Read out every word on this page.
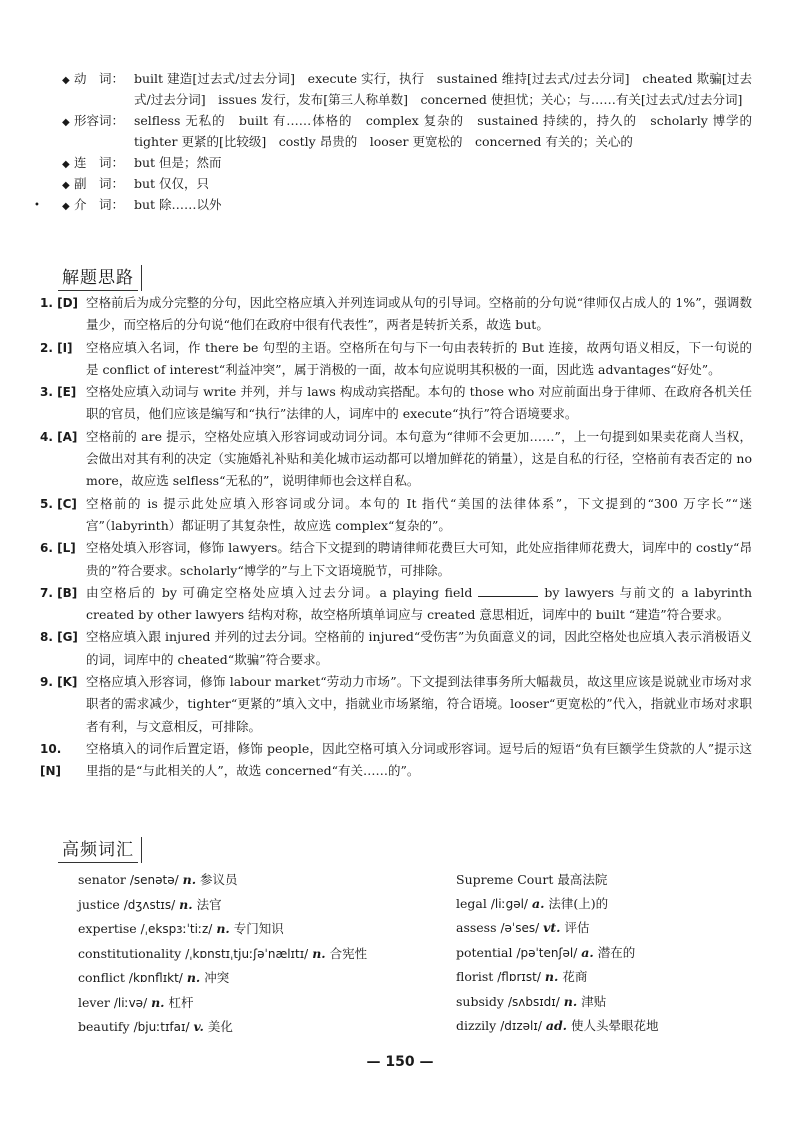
◆ 动　词： built 建造[过去式/过去分词]　execute 实行，执行　sustained 维持[过去式/过去分词]　cheated 欺骗[过去式/过去分词]　issues 发行，发布[第三人称单数]　concerned 使担忧；关心；与……有关[过去式/过去分词]
◆ 形容词： selfless 无私的　built 有……体格的　complex 复杂的　sustained 持续的，持久的　scholarly 博学的　tighter 更紧的[比较级]　costly 昂贵的　looser 更宽松的　concerned 有关的；关心的
◆ 连　词： but 但是；然而
◆ 副　词： but 仅仅，只
◆ 介　词： but 除……以外
•
解题思路
1. [D] 空格前后为成分完整的分句，因此空格应填入并列连词或从句的引导词。空格前的分句说“律师仅占成人的 1%”，强调数量少，而空格后的分句说“他们在政府中很有代表性”，两者是转折关系，故选 but。
2. [I]	空格应填入名词，作 there be 句型的主语。空格所在句与下一句由表转折的 But 连接，故两句语义相反，下一句说的是 conflict of interest“利益冲突”，属于消极的一面，故本句应说明其积极的一面，因此选 advantages“好处”。
3. [E] 空格处应填入动词与 write 并列，并与 laws 构成动宾搭配。本句的 those who 对应前面出身于律师、在政府各机关任职的官员，他们应该是编写和“执行”法律的人，词库中的 execute“执行”符合语境要求。
4. [A] 空格前的 are 提示，空格处应填入形容词或动词分词。本句意为“律师不会更加……”，上一句提到如果卖花商人当权，会做出对其有利的决定（实施婚礼补贴和美化城市运动都可以增加鲜花的销量），这是自私的行径，空格前有表否定的 no more，故应选 selfless“无私的”，说明律师也会这样自私。
5. [C] 空格前的 is 提示此处应填入形容词或分词。本句的 It 指代“美国的法律体系”，下文提到的“300 万字长”“迷宫”（labyrinth）都证明了其复杂性，故应选 complex“复杂的”。
6. [L] 空格处填入形容词，修饰 lawyers。结合下文提到的聘请律师花费巨大可知，此处应指律师花费大，词库中的 costly“昂贵的”符合要求。scholarly“博学的”与上下文语境脱节，可排除。
7. [B] 由空格后的 by 可确定空格处应填入过去分词。a playing field	by lawyers 与前文的 a labyrinth created by other lawyers 结构对称，故空格所填单词应与 created 意思相近，词库中的 built “建造”符合要求。
8. [G] 空格应填入跟 injured 并列的过去分词。空格前的 injured“受伤害”为负面意义的词，因此空格处也应填入表示消极语义的词，词库中的 cheated“欺骗”符合要求。
9. [K] 空格应填入形容词，修饰 labour market“劳动力市场”。下文提到法律事务所大幅裁员，故这里应该是说就业市场对求职者的需求减少，tighter“更紧的”填入文中，指就业市场紧缩，符合语境。looser“更宽松的”代入，指就业市场对求职者有利，与文意相反，可排除。
10. [N]
空格填入的词作后置定语，修饰 people，因此空格可填入分词或形容词。逗号后的短语“负有巨额学生贷款的人”提示这里指的是“与此相关的人”，故选 concerned“有关……的”。
高频词汇
senator /senətə/ n. 参议员
justice /dʒʌstɪs/ n. 法官
expertise /ˌekspɜːˈtiːz/ n. 专门知识
constitutionality /ˌkɒnstɪˌtjuːʃəˈnælɪtɪ/ n. 合宪性
conflict /kɒnflɪkt/ n. 冲突
lever /liːvə/ n. 杠杆
beautify /bjuːtɪfaɪ/ v. 美化
Supreme Court 最高法院
legal /liːgəl/ a. 法律(上)的
assess /əˈses/ vt. 评估
potential /pəˈtenʃəl/ a. 潜在的
florist /flɒrɪst/ n. 花商
subsidy /sʌbsɪdɪ/ n. 津贴
dizzily /dɪzəlɪ/ ad. 使人头晕眼花地
— 150 —
